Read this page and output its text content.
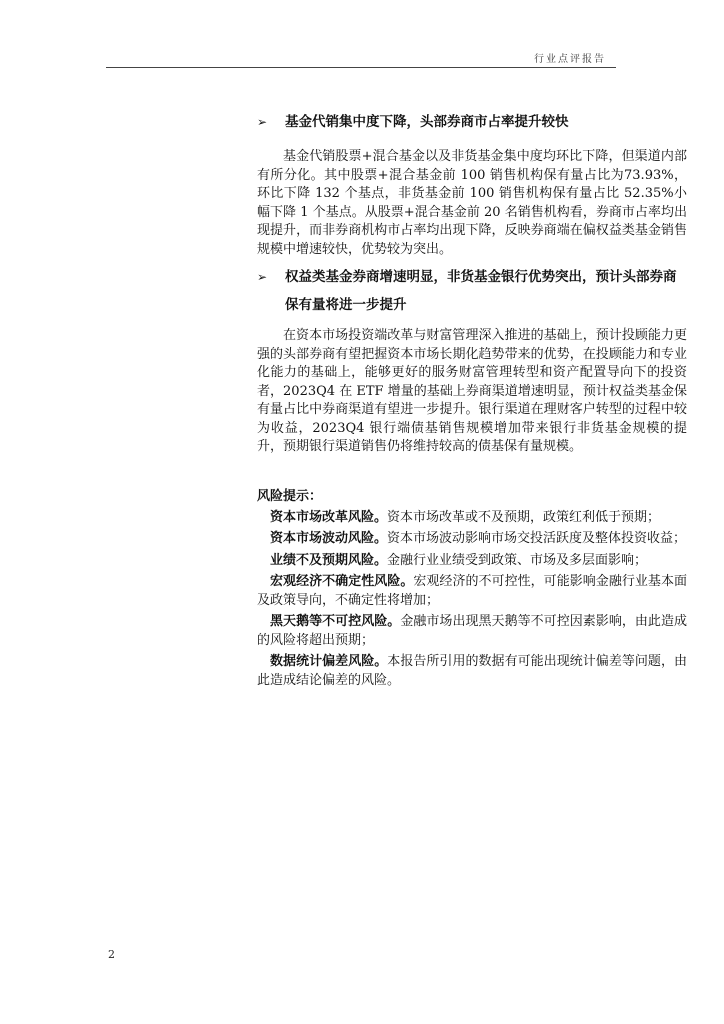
行业点评报告
➢ 基金代销集中度下降，头部券商市占率提升较快

基金代销股票+混合基金以及非货基金集中度均环比下降，但渠道内部有所分化。其中股票+混合基金前 100 销售机构保有量占比为73.93%，环比下降 132 个基点，非货基金前 100 销售机构保有量占比 52.35%小幅下降 1 个基点。从股票+混合基金前 20 名销售机构看，券商市占率均出现提升，而非券商机构市占率均出现下降，反映券商端在偏权益类基金销售规模中增速较快，优势较为突出。

➢ 权益类基金券商增速明显，非货基金银行优势突出，预计头部券商保有量将进一步提升

在资本市场投资端改革与财富管理深入推进的基础上，预计投顾能力更强的头部券商有望把握资本市场长期化趋势带来的优势，在投顾能力和专业化能力的基础上，能够更好的服务财富管理转型和资产配置导向下的投资者，2023Q4 在 ETF 增量的基础上券商渠道增速明显，预计权益类基金保有量占比中券商渠道有望进一步提升。银行渠道在理财客户转型的过程中较为收益，2023Q4 银行端债基销售规模增加带来银行非货基金规模的提升，预期银行渠道销售仍将维持较高的债基保有量规模。

风险提示：

资本市场改革风险。资本市场改革或不及预期，政策红利低于预期；

资本市场波动风险。资本市场波动影响市场交投活跃度及整体投资收益；

业绩不及预期风险。金融行业业绩受到政策、市场及多层面影响；

宏观经济不确定性风险。宏观经济的不可控性，可能影响金融行业基本面及政策导向，不确定性将增加；

黑天鹅等不可控风险。金融市场出现黑天鹅等不可控因素影响，由此造成的风险将超出预期；

数据统计偏差风险。本报告所引用的数据有可能出现统计偏差等问题，由此造成结论偏差的风险。

2
